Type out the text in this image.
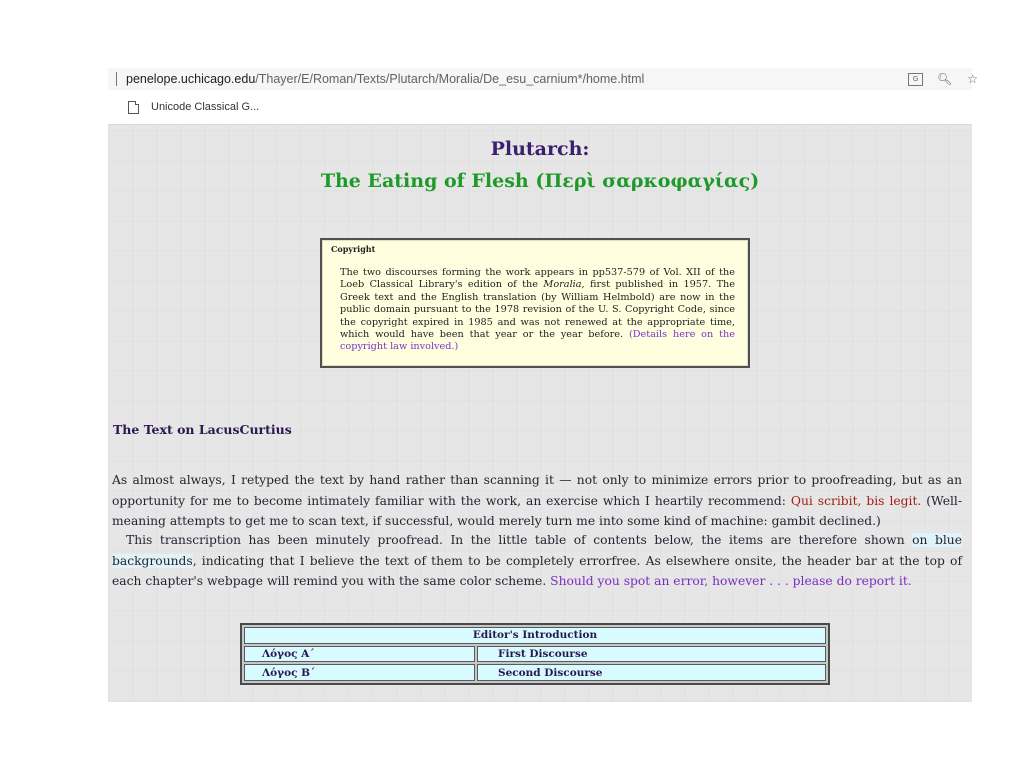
penelope.uchicago.edu/Thayer/E/Roman/Texts/Plutarch/Moralia/De_esu_carnium*/home.html	G	🔍︎ ☆
Unicode Classical G...
Plutarch:
The Eating of Flesh (Περὶ σαρκοφαγίας)
Copyright
The two discourses forming the work appears in pp537‑579 of Vol. XII of the Loeb Classical Library's edition of the Moralia, first published in 1957. The Greek text and the English translation (by William Helmbold) are now in the public domain pursuant to the 1978 revision of the U. S. Copyright Code, since the copyright expired in 1985 and was not renewed at the appropriate time, which would have been that year or the year before. (Details here on the copyright law involved.)
The Text on LacusCurtius
As almost always, I retyped the text by hand rather than scanning it — not only to minimize errors prior to proofreading, but as an opportunity for me to become intimately familiar with the work, an exercise which I heartily recommend: Qui scribit, bis legit. (Well-meaning attempts to get me to scan text, if successful, would merely turn me into some kind of machine: gambit declined.)
This transcription has been minutely proofread. In the little table of contents below, the items are therefore shown on blue backgrounds, indicating that I believe the text of them to be completely errorfree. As elsewhere onsite, the header bar at the top of each chapter's webpage will remind you with the same color scheme. Should you spot an error, however . . . please do report it.
Editor's Introduction	
Λόγος Α´	First Discourse
Λόγος Β´	Second Discourse
